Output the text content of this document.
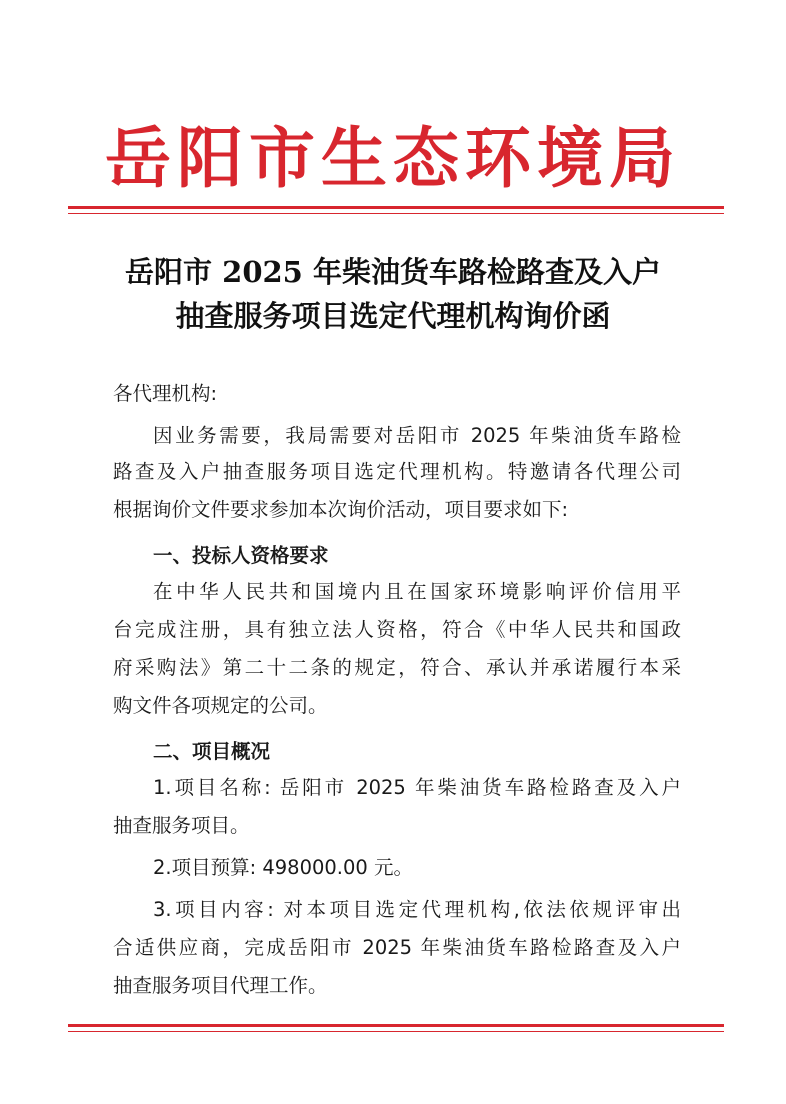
岳阳市生态环境局
岳阳市 2025 年柴油货车路检路查及入户
抽查服务项目选定代理机构询价函
各代理机构:
因业务需要，我局需要对岳阳市 2025 年柴油货车路检
路查及入户抽查服务项目选定代理机构。特邀请各代理公司
根据询价文件要求参加本次询价活动，项目要求如下:
一、投标人资格要求
在中华人民共和国境内且在国家环境影响评价信用平
台完成注册，具有独立法人资格，符合《中华人民共和国政
府采购法》第二十二条的规定，符合、承认并承诺履行本采
购文件各项规定的公司。
二、项目概况
1.项目名称: 岳阳市 2025 年柴油货车路检路查及入户
抽查服务项目。
2.项目预算: 498000.00 元。
3.项目内容: 对本项目选定代理机构,依法依规评审出
合适供应商，完成岳阳市 2025 年柴油货车路检路查及入户
抽查服务项目代理工作。
